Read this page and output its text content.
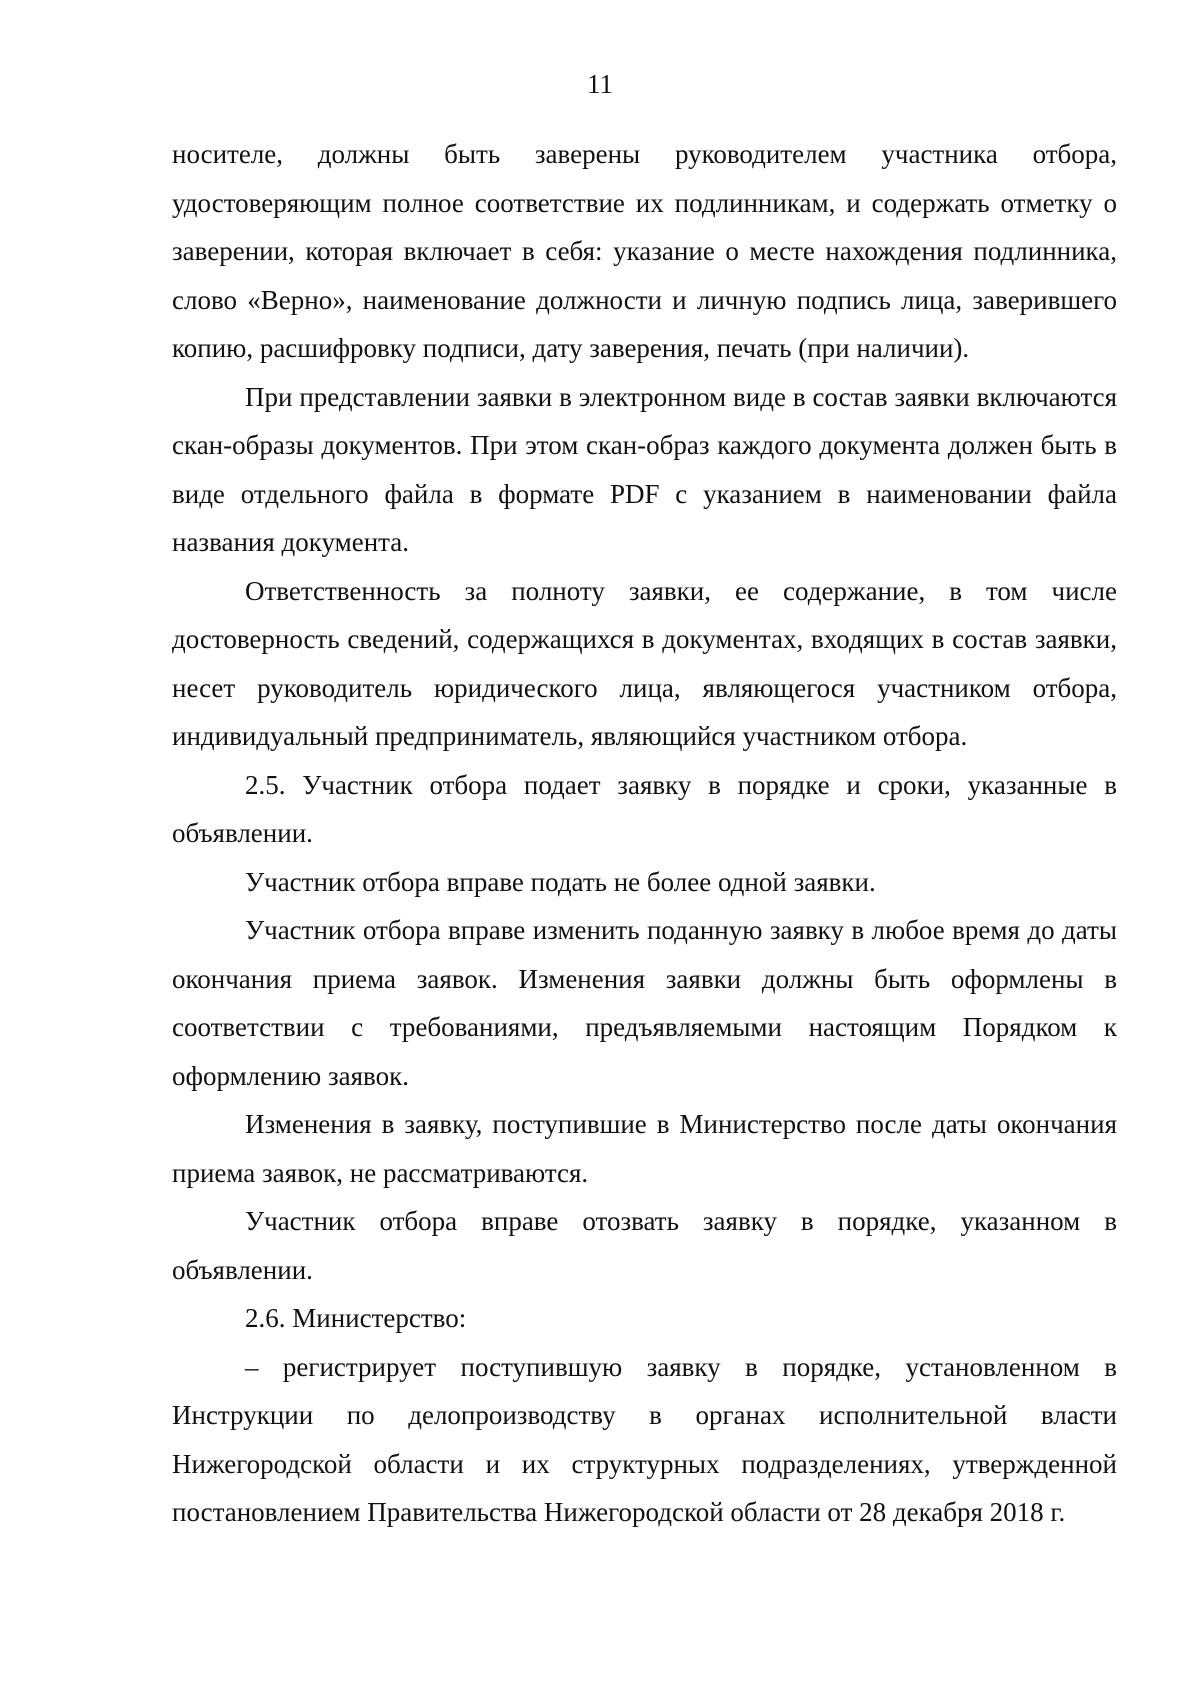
11

носителе, должны быть заверены руководителем участника отбора, удостоверяющим полное соответствие их подлинникам, и содержать отметку о заверении, которая включает в себя: указание о месте нахождения подлинника, слово «Верно», наименование должности и личную подпись лица, заверившего копию, расшифровку подписи, дату заверения, печать (при наличии).

При представлении заявки в электронном виде в состав заявки включаются скан-образы документов. При этом скан-образ каждого документа должен быть в виде отдельного файла в формате PDF с указанием в наименовании файла названия документа.

Ответственность за полноту заявки, ее содержание, в том числе достоверность сведений, содержащихся в документах, входящих в состав заявки, несет руководитель юридического лица, являющегося участником отбора, индивидуальный предприниматель, являющийся участником отбора.

2.5. Участник отбора подает заявку в порядке и сроки, указанные в объявлении.

Участник отбора вправе подать не более одной заявки.

Участник отбора вправе изменить поданную заявку в любое время до даты окончания приема заявок. Изменения заявки должны быть оформлены в соответствии с требованиями, предъявляемыми настоящим Порядком к оформлению заявок.

Изменения в заявку, поступившие в Министерство после даты окончания приема заявок, не рассматриваются.

Участник отбора вправе отозвать заявку в порядке, указанном в объявлении.

2.6. Министерство:

– регистрирует поступившую заявку в порядке, установленном в Инструкции по делопроизводству в органах исполнительной власти Нижегородской области и их структурных подразделениях, утвержденной постановлением Правительства Нижегородской области от 28 декабря 2018 г.
